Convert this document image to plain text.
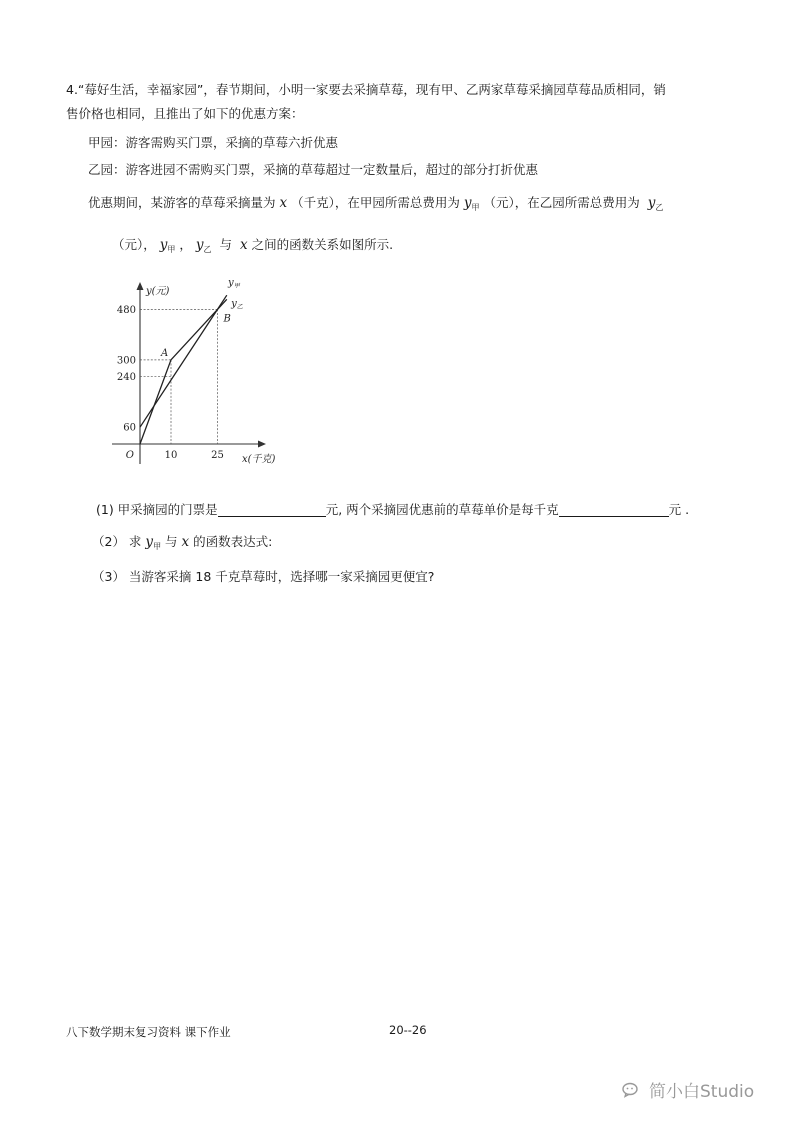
4.“莓好生活，幸福家园”，春节期间，小明一家要去采摘草莓，现有甲、乙两家草莓采摘园草莓品质相同，销
售价格也相同，且推出了如下的优惠方案：
甲园：游客需购买门票，采摘的草莓六折优惠
乙园：游客进园不需购买门票，采摘的草莓超过一定数量后，超过的部分打折优惠
优惠期间，某游客的草莓采摘量为 x （千克），在甲园所需总费用为 $y_甲$ （元），在乙园所需总费用为 $y_乙$
（元）， $y_甲$ ， $y_乙$ 与 x 之间的函数关系如图所示.
60
240
300
480
10	25
O	x(千克)
y(元)
A
B
$y_甲$
$y_乙$
(1) 甲采摘园的门票是	元, 两个采摘园优惠前的草莓单价是每千克	元 .
（2） 求 $y_甲$ 与 x 的函数表达式:
（3） 当游客采摘 18 千克草莓时，选择哪一家采摘园更便宜?
八下数学期末复习资料 课下作业	20--26
简小白Studio
